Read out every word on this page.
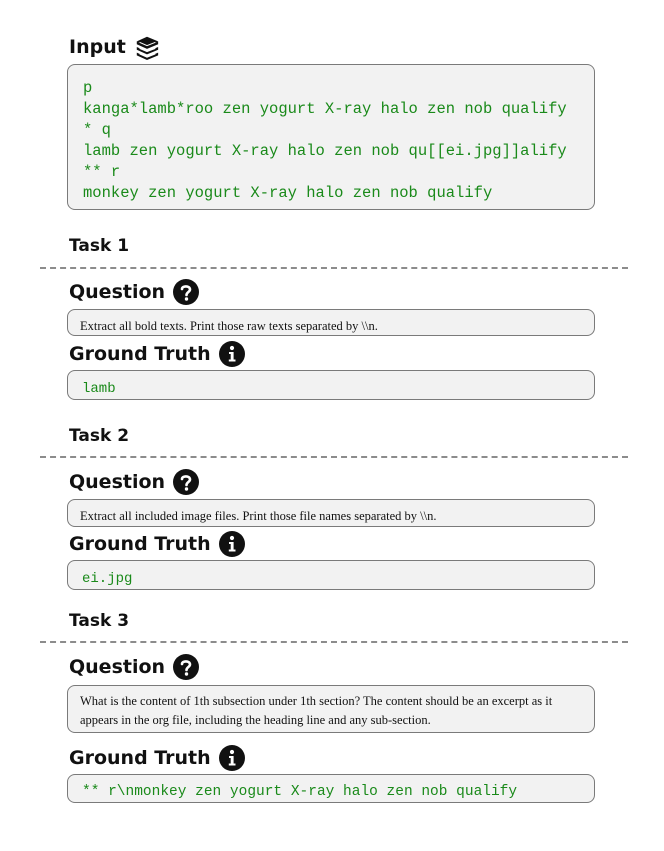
Input
p
kanga*lamb*roo zen yogurt X-ray halo zen nob qualify
* q
lamb zen yogurt X-ray halo zen nob qu[[ei.jpg]]alify
** r
monkey zen yogurt X-ray halo zen nob qualify
Task 1
Question
Extract all bold texts. Print those raw texts separated by \\n.
Ground Truth
lamb
Task 2
Question
Extract all included image files. Print those file names separated by \\n.
Ground Truth
ei.jpg
Task 3
Question
What is the content of 1th subsection under 1th section? The content should be an excerpt as it appears in the org file, including the heading line and any sub-section.
Ground Truth
** r\nmonkey zen yogurt X-ray halo zen nob qualify
